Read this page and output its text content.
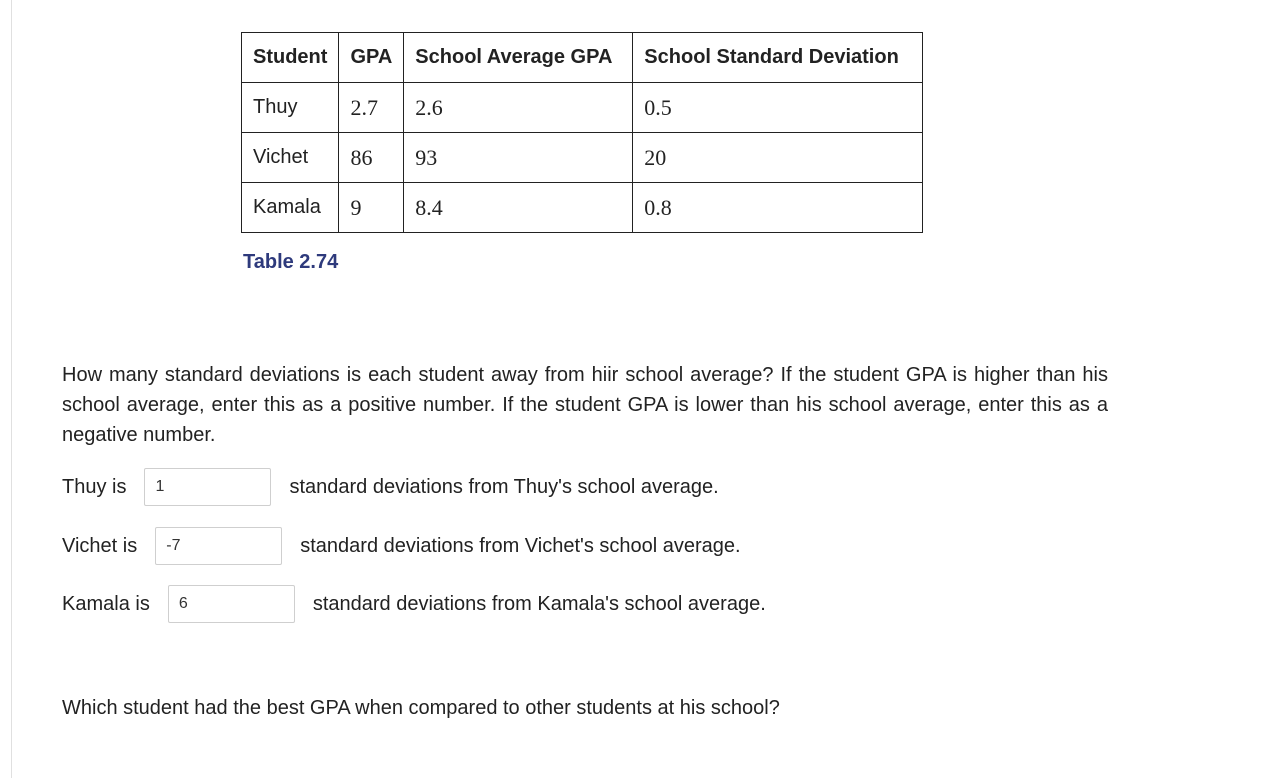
Student	GPA	School Average GPA	School Standard Deviation
Thuy	2.7	2.6	0.5
Vichet	86	93	20
Kamala	9	8.4	0.8
Table 2.74
How many standard deviations is each student away from hiir school average? If the student GPA is higher than his school average, enter this as a positive number. If the student GPA is lower than his school average, enter this as a negative number.
Thuy is
1	standard deviations from Thuy's school average.
Vichet is
-7	standard deviations from Vichet's school average.
Kamala is
6	standard deviations from Kamala's school average.
Which student had the best GPA when compared to other students at his school?
